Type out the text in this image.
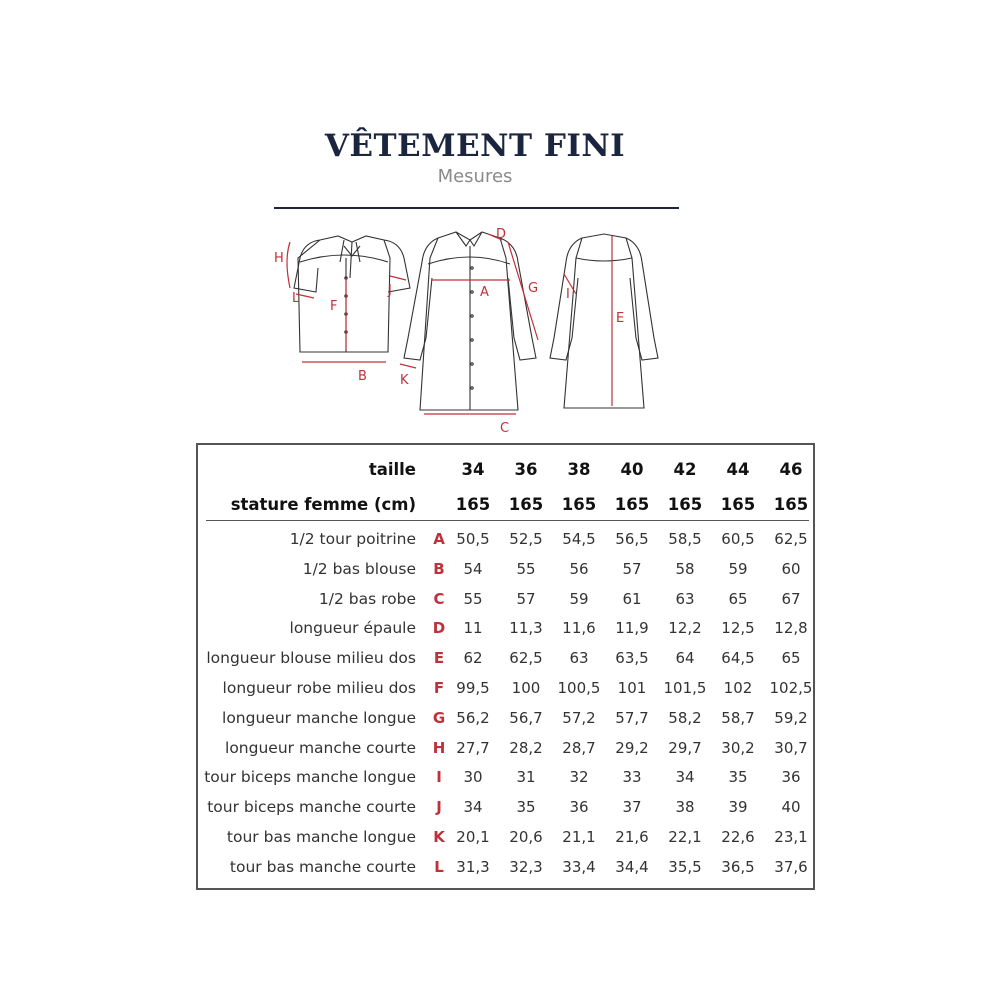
VÊTEMENT FINI
Mesures
H
L
F
J
B
D
A	G
K
C
I
E
taille	34	36	38	40	42	44	46
stature femme (cm)	165	165	165	165	165	165	165
1/2 tour poitrine A 50,5	52,5	54,5	56,5	58,5	60,5	62,5
1/2 bas blouse B	54	55	56	57	58	59	60
1/2 bas robe C	55	57	59	61	63	65	67
longueur épaule D	11	11,3	11,6	11,9	12,2	12,5	12,8
longueur blouse milieu dos	E	62	62,5	63	63,5	64	64,5	65
longueur robe milieu dos	F 99,5	100	100,5	101	101,5	102	102,5
longueur manche longue G 56,2	56,7	57,2	57,7	58,2	58,7	59,2
longueur manche courte H 27,7	28,2	28,7	29,2	29,7	30,2	30,7
tour biceps manche longue	I	30	31	32	33	34	35	36
tour biceps manche courte	J	34	35	36	37	38	39	40
tour bas manche longue K 20,1	20,6	21,1	21,6	22,1	22,6	23,1
tour bas manche courte	L 31,3	32,3	33,4	34,4	35,5	36,5	37,6
